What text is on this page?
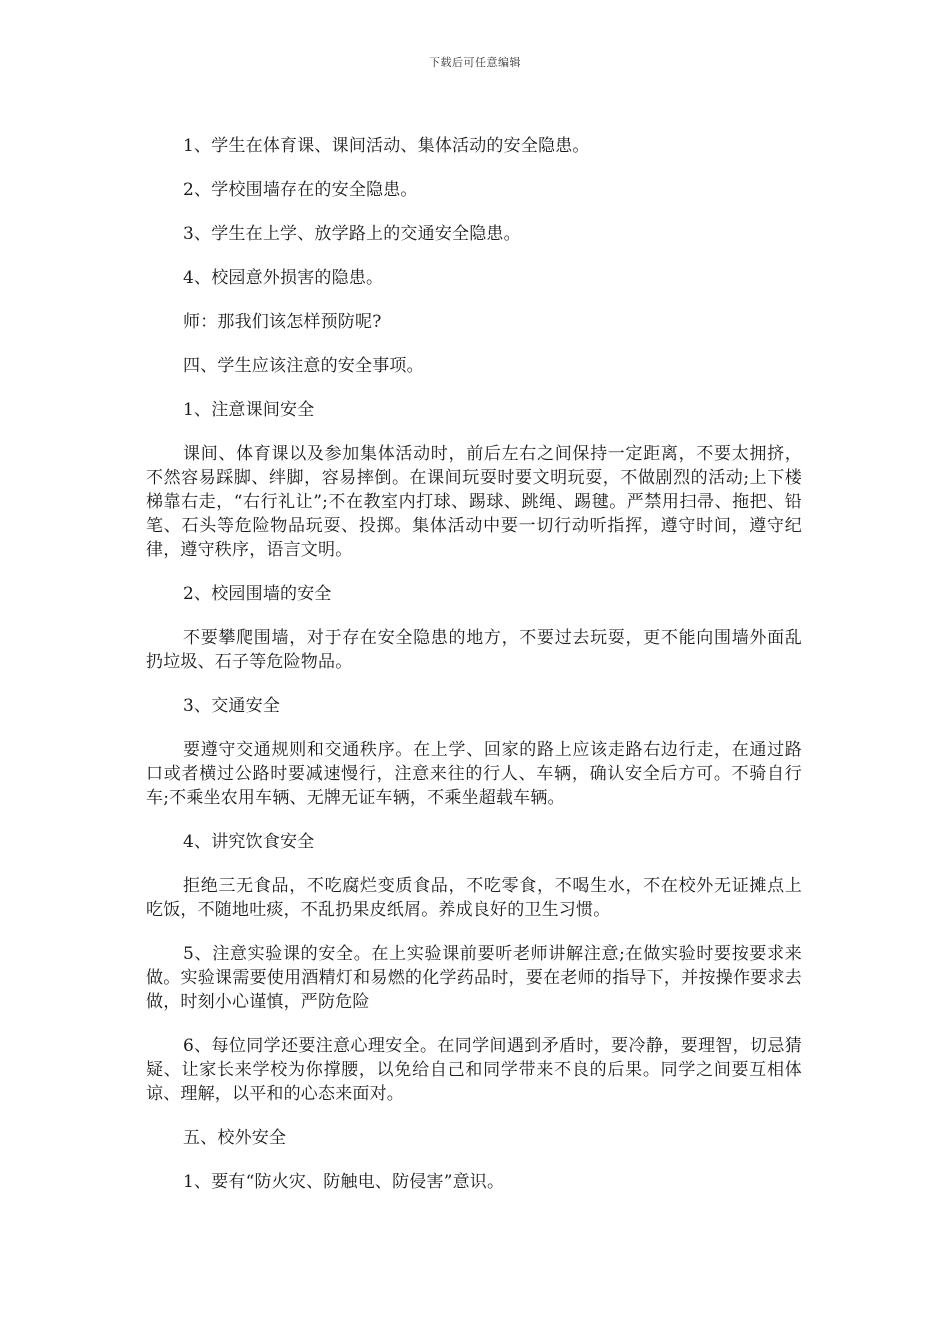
下载后可任意编辑

1、学生在体育课、课间活动、集体活动的安全隐患。

2、学校围墙存在的安全隐患。

3、学生在上学、放学路上的交通安全隐患。

4、校园意外损害的隐患。

师：那我们该怎样预防呢?

四、学生应该注意的安全事项。

1、注意课间安全

课间、体育课以及参加集体活动时，前后左右之间保持一定距离，不要太拥挤，不然容易踩脚、绊脚，容易摔倒。在课间玩耍时要文明玩耍，不做剧烈的活动;上下楼梯靠右走，“右行礼让”;不在教室内打球、踢球、跳绳、踢毽。严禁用扫帚、拖把、铅笔、石头等危险物品玩耍、投掷。集体活动中要一切行动听指挥，遵守时间，遵守纪律，遵守秩序，语言文明。

2、校园围墙的安全

不要攀爬围墙，对于存在安全隐患的地方，不要过去玩耍，更不能向围墙外面乱扔垃圾、石子等危险物品。

3、交通安全

要遵守交通规则和交通秩序。在上学、回家的路上应该走路右边行走，在通过路口或者横过公路时要减速慢行，注意来往的行人、车辆，确认安全后方可。不骑自行车;不乘坐农用车辆、无牌无证车辆，不乘坐超载车辆。

4、讲究饮食安全

拒绝三无食品，不吃腐烂变质食品，不吃零食，不喝生水，不在校外无证摊点上吃饭，不随地吐痰，不乱扔果皮纸屑。养成良好的卫生习惯。

5、注意实验课的安全。在上实验课前要听老师讲解注意;在做实验时要按要求来做。实验课需要使用酒精灯和易燃的化学药品时，要在老师的指导下，并按操作要求去做，时刻小心谨慎，严防危险

6、每位同学还要注意心理安全。在同学间遇到矛盾时，要冷静，要理智，切忌猜疑、让家长来学校为你撑腰，以免给自己和同学带来不良的后果。同学之间要互相体谅、理解，以平和的心态来面对。

五、校外安全

1、要有“防火灾、防触电、防侵害”意识。
